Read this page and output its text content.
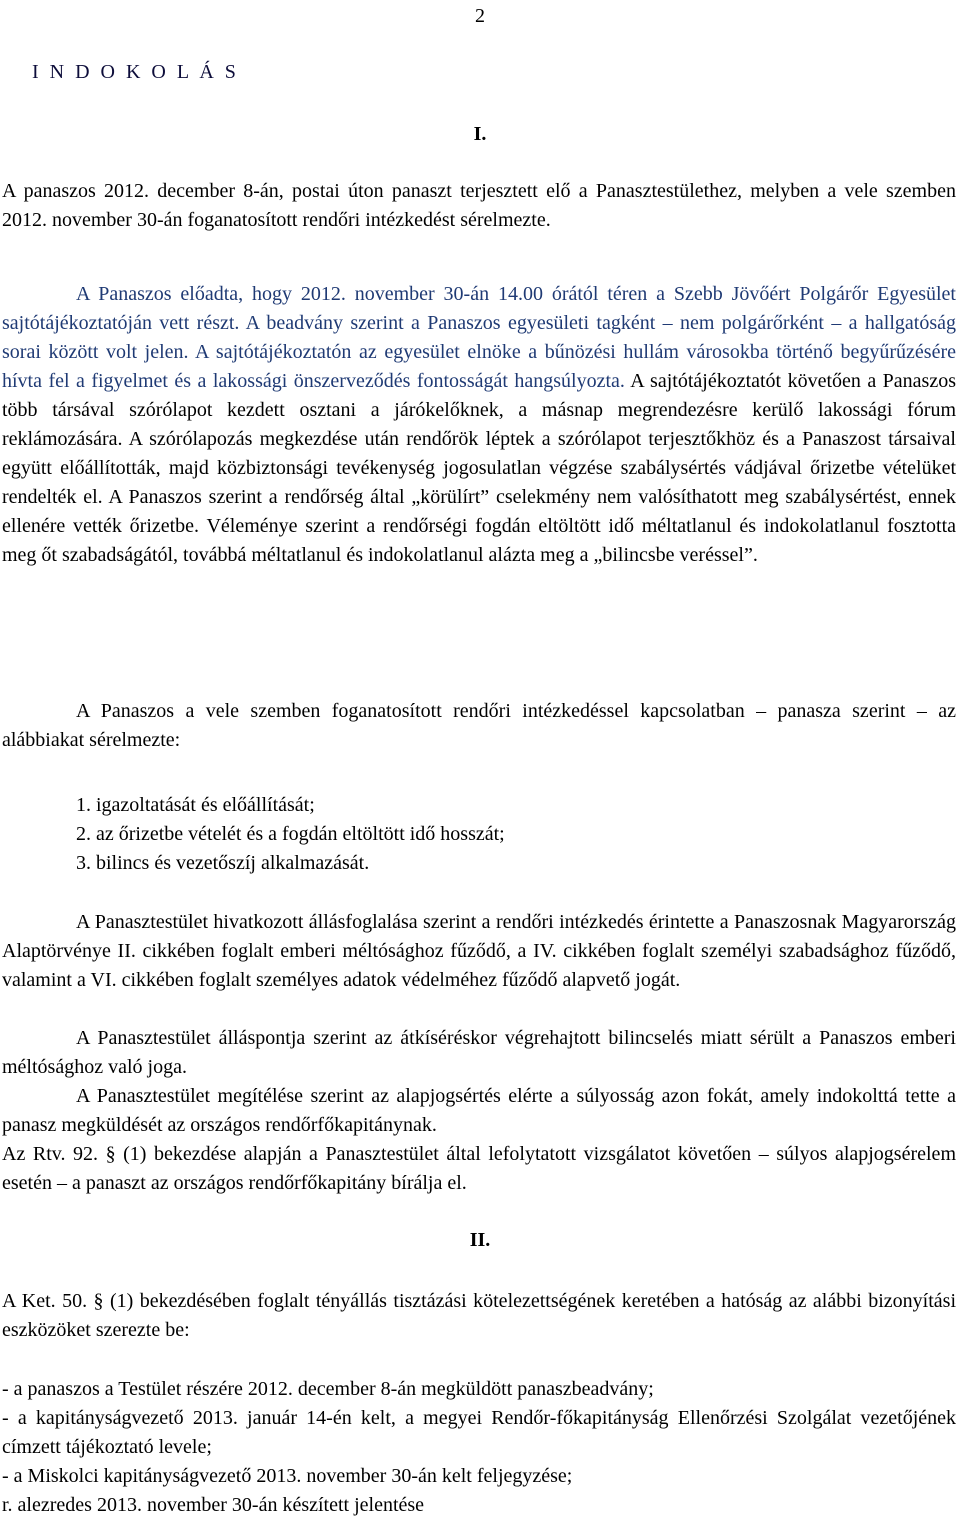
2

I N D O K O L Á S

I.

A panaszos 2012. december 8-án, postai úton panaszt terjesztett elő a Panasztestülethez, melyben a vele szemben 2012. november 30-án foganatosított rendőri intézkedést sérelmezte.

A Panaszos előadta, hogy 2012. november 30-án 14.00 órától téren a Szebb Jövőért Polgárőr Egyesület sajtótájékoztatóján vett részt. A beadvány szerint a Panaszos egyesületi tagként – nem polgárőrként – a hallgatóság sorai között volt jelen. A sajtótájékoztatón az egyesület elnöke a bűnözési hullám városokba történő begyűrűzésére hívta fel a figyelmet és a lakossági önszerveződés fontosságát hangsúlyozta. A sajtótájékoztatót követően a Panaszos több társával szórólapot kezdett osztani a járókelőknek, a másnap megrendezésre kerülő lakossági fórum reklámozására. A szórólapozás megkezdése után rendőrök léptek a szórólapot terjesztőkhöz és a Panaszost társaival együtt előállították, majd közbiztonsági tevékenység jogosulatlan végzése szabálysértés vádjával őrizetbe vételüket rendelték el. A Panaszos szerint a rendőrség által „körülírt” cselekmény nem valósíthatott meg szabálysértést, ennek ellenére vették őrizetbe. Véleménye szerint a rendőrségi fogdán eltöltött idő méltatlanul és indokolatlanul fosztotta meg őt szabadságától, továbbá méltatlanul és indokolatlanul alázta meg a „bilincsbe veréssel”.

A Panaszos a vele szemben foganatosított rendőri intézkedéssel kapcsolatban – panasza szerint – az alábbiakat sérelmezte:

1. igazoltatását és előállítását;
2. az őrizetbe vételét és a fogdán eltöltött idő hosszát;
3. bilincs és vezetőszíj alkalmazását.

A Panasztestület hivatkozott állásfoglalása szerint a rendőri intézkedés érintette a Panaszosnak Magyarország Alaptörvénye II. cikkében foglalt emberi méltósághoz fűződő, a IV. cikkében foglalt személyi szabadsághoz fűződő, valamint a VI. cikkében foglalt személyes adatok védelméhez fűződő alapvető jogát.

A Panasztestület álláspontja szerint az átkíséréskor végrehajtott bilincselés miatt sérült a Panaszos emberi méltósághoz való joga.

A Panasztestület megítélése szerint az alapjogsértés elérte a súlyosság azon fokát, amely indokolttá tette a panasz megküldését az országos rendőrfőkapitánynak.

Az Rtv. 92. § (1) bekezdése alapján a Panasztestület által lefolytatott vizsgálatot követően – súlyos alapjogsérelem esetén – a panaszt az országos rendőrfőkapitány bírálja el.

II.

A Ket. 50. § (1) bekezdésében foglalt tényállás tisztázási kötelezettségének keretében a hatóság az alábbi bizonyítási eszközöket szerezte be:

- a panaszos a Testület részére 2012. december 8-án megküldött panaszbeadvány;

- a kapitányságvezető 2013. január 14-én kelt, a megyei Rendőr-főkapitányság Ellenőrzési Szolgálat vezetőjének címzett tájékoztató levele;

- a Miskolci kapitányságvezető 2013. november 30-án kelt feljegyzése;

r. alezredes 2013. november 30-án készített jelentése
